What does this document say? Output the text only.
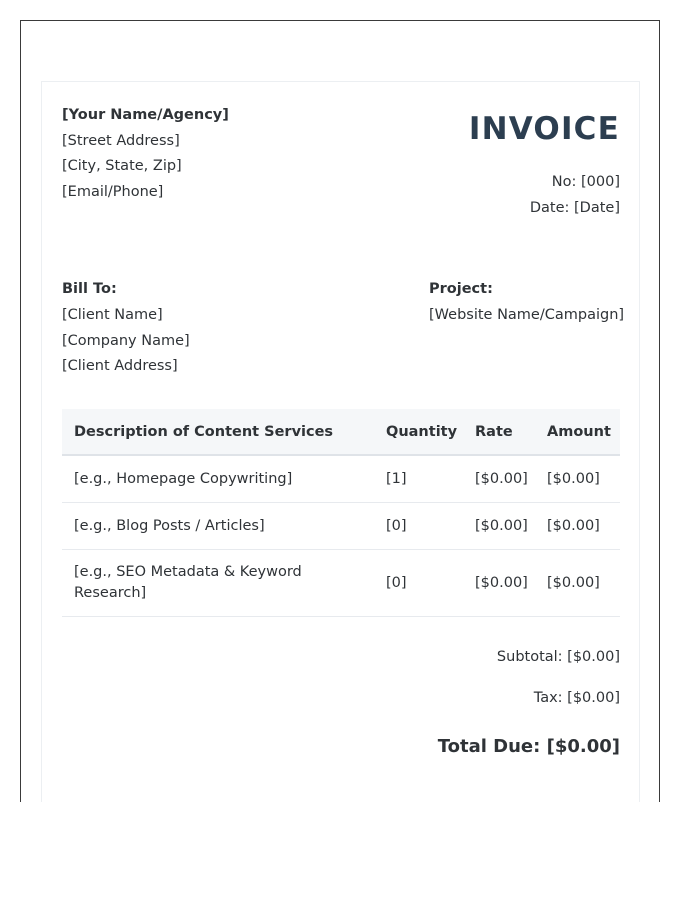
[Your Name/Agency]
[Street Address]
[City, State, Zip]
[Email/Phone]
INVOICE
No: [000]
Date: [Date]
Bill To:
[Client Name]
[Company Name]
[Client Address]
Project:
[Website Name/Campaign]
Description of Content Services	Quantity	Rate	Amount
[e.g., Homepage Copywriting]	[1]	[$0.00]	[$0.00]
[e.g., Blog Posts / Articles]	[0]	[$0.00]	[$0.00]
[e.g., SEO Metadata & Keyword Research]	[0]	[$0.00]	[$0.00]
Subtotal: [$0.00]
Tax: [$0.00]
Total Due: [$0.00]
